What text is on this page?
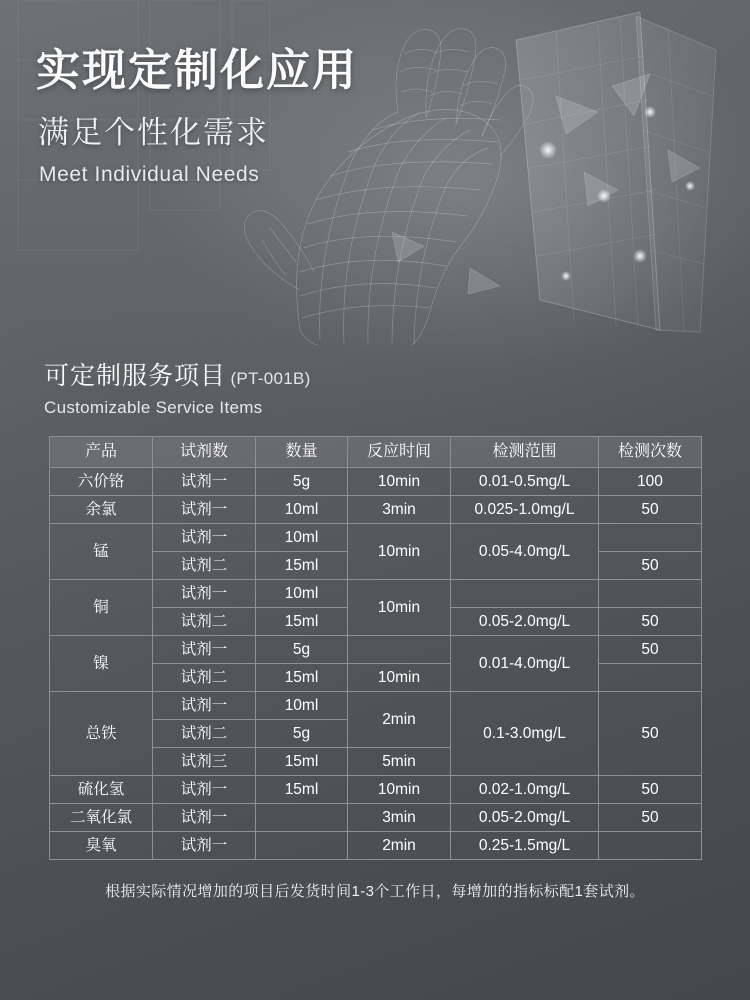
实现定制化应用
满足个性化需求
Meet Individual Needs
可定制服务项目 (PT-001B)
Customizable Service Items
产品	试剂数	数量	反应时间	检测范围	检测次数
六价铬	试剂一	5g	10min	0.01-0.5mg/L	100
余氯	试剂一	10ml	3min	0.025-1.0mg/L	50
锰	试剂一	10ml	10min	0.05-4.0mg/L	
	试剂二	15ml			50
铜	试剂一	10ml	10min		
	试剂二	15ml		0.05-2.0mg/L	50
镍	试剂一	5g		0.01-4.0mg/L	50
	试剂二	15ml	10min		
总铁	试剂一	10ml	2min	0.1-3.0mg/L	50
	试剂二	5g			
	试剂三	15ml	5min		
硫化氢	试剂一	15ml	10min	0.02-1.0mg/L	50
二氧化氯	试剂一		3min	0.05-2.0mg/L	50
臭氧	试剂一		2min	0.25-1.5mg/L	
根据实际情况增加的项目后发货时间1-3个工作日，每增加的指标标配1套试剂。
